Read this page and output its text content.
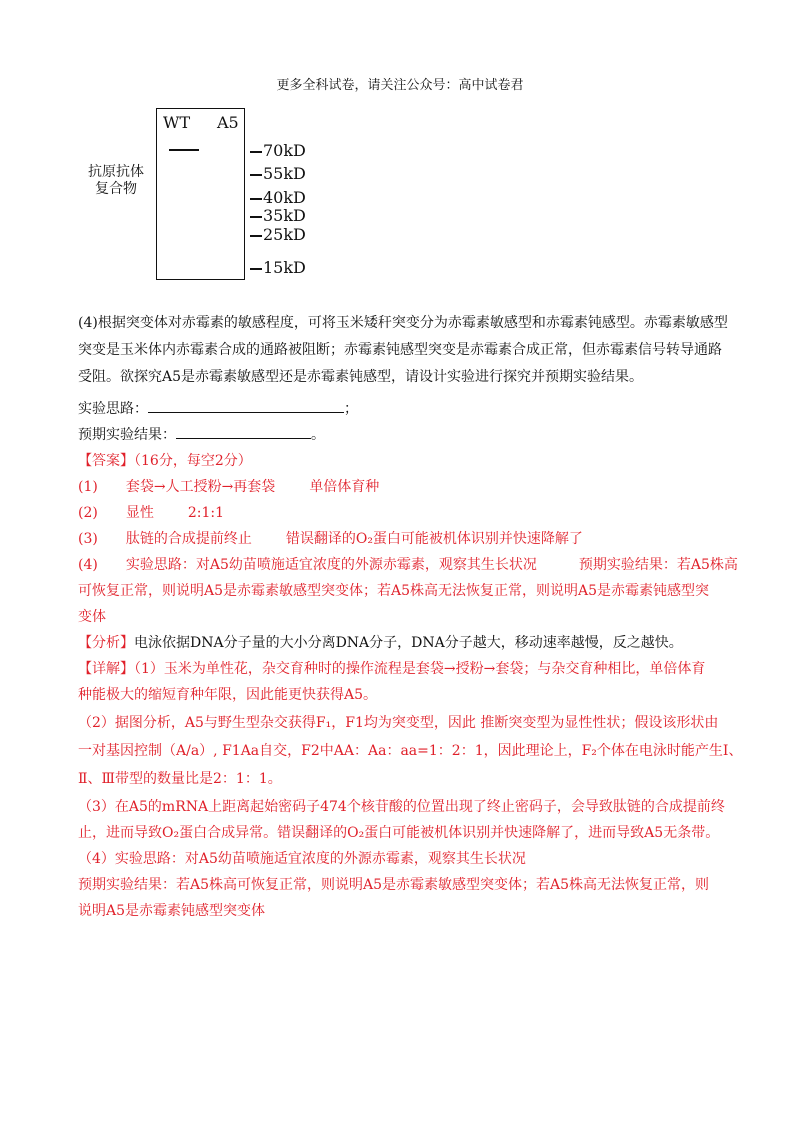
更多全科试卷，请关注公众号：高中试卷君
抗原抗体
复合物
WT A5
70kD
55kD
40kD
35kD
25kD
15kD
(4)根据突变体对赤霉素的敏感程度，可将玉米矮秆突变分为赤霉素敏感型和赤霉素钝感型。赤霉素敏感型突变是玉米体内赤霉素合成的通路被阻断；赤霉素钝感型突变是赤霉素合成正常，但赤霉素信号转导通路受阻。欲探究A5是赤霉素敏感型还是赤霉素钝感型，请设计实验进行探究并预期实验结果。
实验思路：	；
预期实验结果：	。
【答案】（16分，每空2分）
(1) 套袋→人工授粉→再套袋 单倍体育种
(2) 显性 2:1:1
(3) 肽链的合成提前终止 错误翻译的O₂蛋白可能被机体识别并快速降解了
(4) 实验思路：对A5幼苗喷施适宜浓度的外源赤霉素，观察其生长状况　　　预期实验结果：若A5株高
可恢复正常，则说明A5是赤霉素敏感型突变体；若A5株高无法恢复正常，则说明A5是赤霉素钝感型突
变体
【分析】电泳依据DNA分子量的大小分离DNA分子，DNA分子越大，移动速率越慢，反之越快。
【详解】（1）玉米为单性花，杂交育种时的操作流程是套袋→授粉→套袋；与杂交育种相比，单倍体育
种能极大的缩短育种年限，因此能更快获得A5。
（2）据图分析，A5与野生型杂交获得F₁，F1均为突变型，因此 推断突变型为显性性状；假设该形状由
一对基因控制（A/a）, F1Aa自交，F2中AA：Aa：aa=1：2：1，因此理论上，F₂个体在电泳时能产生Ⅰ、
Ⅱ、Ⅲ带型的数量比是2：1：1。
（3）在A5的mRNA上距离起始密码子474个核苷酸的位置出现了终止密码子，会导致肽链的合成提前终
止，进而导致O₂蛋白合成异常。错误翻译的O₂蛋白可能被机体识别并快速降解了，进而导致A5无条带。
（4）实验思路：对A5幼苗喷施适宜浓度的外源赤霉素，观察其生长状况
预期实验结果：若A5株高可恢复正常，则说明A5是赤霉素敏感型突变体；若A5株高无法恢复正常，则
说明A5是赤霉素钝感型突变体
